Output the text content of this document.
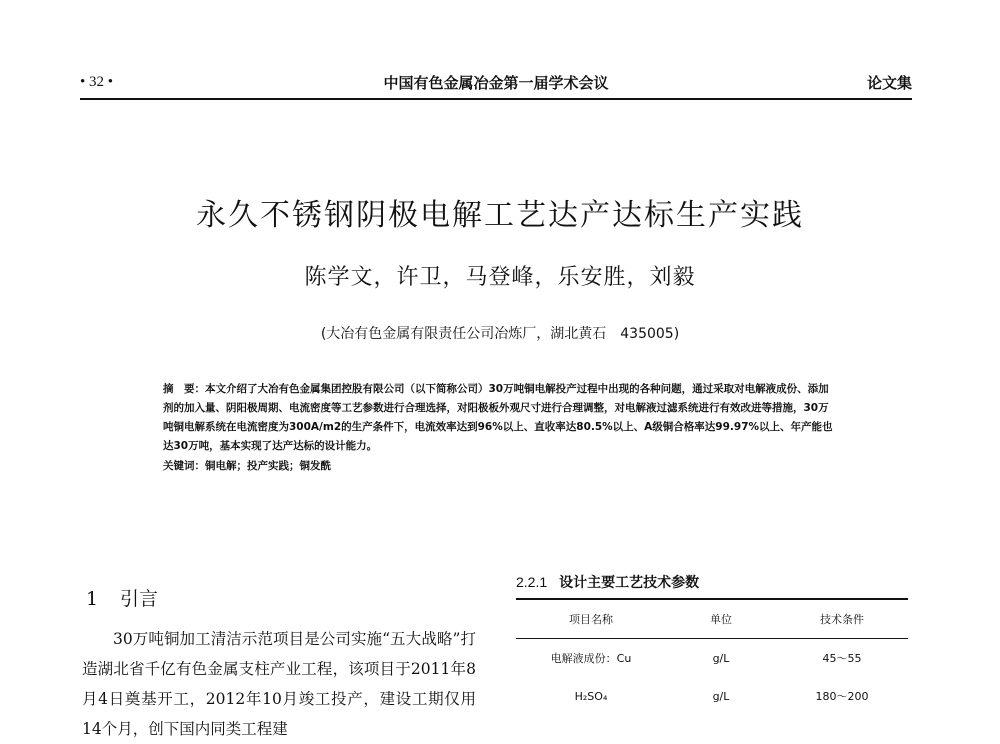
• 32 •	中国有色金属冶金第一届学术会议	论文集
永久不锈钢阴极电解工艺达产达标生产实践
陈学文，许卫，马登峰，乐安胜，刘毅
(大冶有色金属有限责任公司冶炼厂，湖北黄石　435005)
摘　要：本文介绍了大冶有色金属集团控股有限公司（以下简称公司）30万吨铜电解投产过程中出现的各种问题，通过采取对电解液成份、添加剂的加入量、阴阳极周期、电流密度等工艺参数进行合理选择，对阳极板外观尺寸进行合理调整，对电解液过滤系统进行有效改进等措施，30万吨铜电解系统在电流密度为300A/m2的生产条件下，电流效率达到96%以上、直收率达80.5%以上、A级铜合格率达99.97%以上、年产能也达30万吨，基本实现了达产达标的设计能力。
关键词：铜电解；投产实践；铜发酰
1 引言

30万吨铜加工清洁示范项目是公司实施“五大战略”打造湖北省千亿有色金属支柱产业工程，该项目于2011年8月4日奠基开工，2012年10月竣工投产，建设工期仅用14个月，创下国内同类工程建

2.2.1 设计主要工艺技术参数
项目名称	单位	技术条件
电解液成份：Cu	g/L	45～55
H₂SO₄	g/L	180～200
